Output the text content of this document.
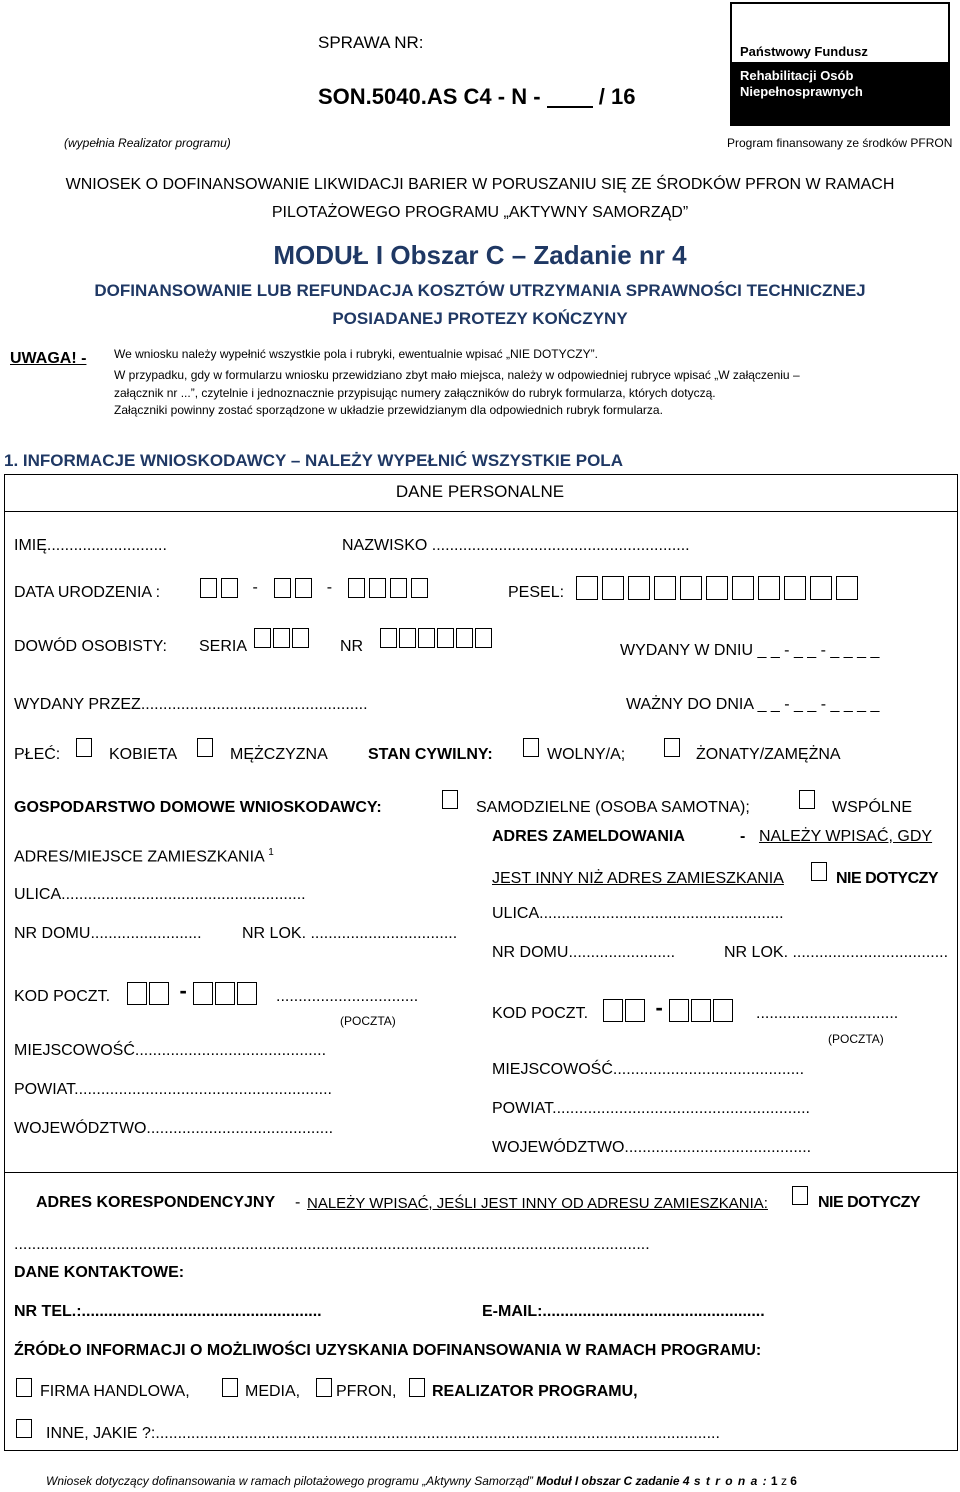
SPRAWA NR:
SON.5040.AS C4 - N -	/ 16
(wypełnia Realizator programu)
Państwowy Fundusz
Rehabilitacji Osób
Niepełnosprawnych
Program finansowany ze środków PFRON
WNIOSEK O DOFINANSOWANIE LIKWIDACJI BARIER W PORUSZANIU SIĘ ZE ŚRODKÓW PFRON W RAMACH
PILOTAŻOWEGO PROGRAMU „AKTYWNY SAMORZĄD”
MODUŁ I Obszar C – Zadanie nr 4
DOFINANSOWANIE LUB REFUNDACJA KOSZTÓW UTRZYMANIA SPRAWNOŚCI TECHNICZNEJ
POSIADANEJ PROTEZY KOŃCZYNY
UWAGA! - We wniosku należy wypełnić wszystkie pola i rubryki, ewentualnie wpisać „NIE DOTYCZY”.
W przypadku, gdy w formularzu wniosku przewidziano zbyt mało miejsca, należy w odpowiedniej rubryce wpisać „W załączeniu –
załącznik nr ...”, czytelnie i jednoznacznie przypisując numery załączników do rubryk formularza, których dotyczą.
Załączniki powinny zostać sporządzone w układzie przewidzianym dla odpowiednich rubryk formularza.
1. INFORMACJE WNIOSKODAWCY – NALEŻY WYPEŁNIĆ WSZYSTKIE POLA
DANE PERSONALNE
IMIĘ...........................	NAZWISKO ..........................................................
DATA URODZENIA :	-	-	PESEL:
DOWÓD OSOBISTY: SERIA	NR	WYDANY W DNIU _ _ - _ _ - _ _ _ _
WYDANY PRZEZ...................................................	WAŻNY DO DNIA _ _ - _ _ - _ _ _ _
PŁEĆ:	KOBIETA	MĘŻCZYZNA	STAN CYWILNY:	WOLNY/A;	ŻONATY/ZAMĘŻNA
GOSPODARSTWO DOMOWE WNIOSKODAWCY:	SAMODZIELNE (OSOBA SAMOTNA);	WSPÓLNE
ADRES/MIEJSCE ZAMIESZKANIA $^1$
ULICA.......................................................
NR DOMU.........................	NR LOK. .................................
KOD POCZT.	-	................................
(POCZTA)
MIEJSCOWOŚĆ...........................................
POWIAT..........................................................
WOJEWÓDZTWO..........................................
ADRES ZAMELDOWANIA	- NALEŻY WPISAĆ, GDY
JEST INNY NIŻ ADRES ZAMIESZKANIA	NIE DOTYCZY
ULICA.......................................................
NR DOMU........................	NR LOK. ...................................
KOD POCZT.	-	................................
(POCZTA)
MIEJSCOWOŚĆ...........................................
POWIAT..........................................................
WOJEWÓDZTWO..........................................
ADRES KORESPONDENCYJNY - NALEŻY WPISAĆ, JEŚLI JEST INNY OD ADRESU ZAMIESZKANIA:	NIE DOTYCZY
...............................................................................................................................................
DANE KONTAKTOWE:
NR TEL.:......................................................	E-MAIL:..................................................
ŹRÓDŁO INFORMACJI O MOŻLIWOŚCI UZYSKANIA DOFINANSOWANIA W RAMACH PROGRAMU:
FIRMA HANDLOWA,	MEDIA, PFRON, REALIZATOR PROGRAMU,
INNE, JAKIE ?:...............................................................................................................................
Wniosek dotyczący dofinansowania w ramach pilotażowego programu „Aktywny Samorząd” Moduł I obszar C zadanie 4 s t r o n a : 1 z 6
